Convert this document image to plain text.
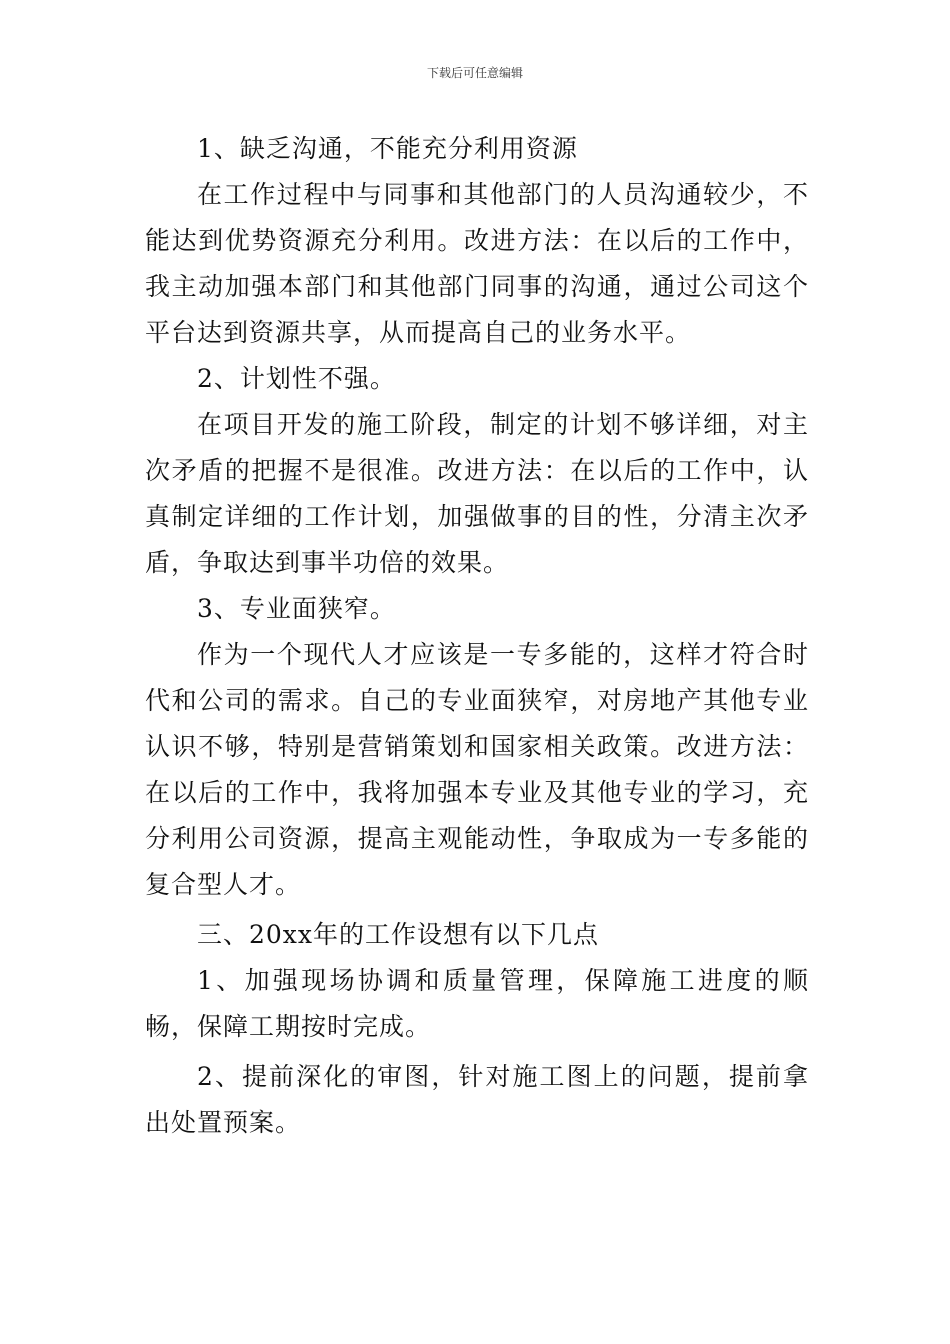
下载后可任意编辑

1、缺乏沟通，不能充分利用资源

在工作过程中与同事和其他部门的人员沟通较少，不能达到优势资源充分利用。改进方法：在以后的工作中，我主动加强本部门和其他部门同事的沟通，通过公司这个平台达到资源共享，从而提高自己的业务水平。

2、计划性不强。

在项目开发的施工阶段，制定的计划不够详细，对主次矛盾的把握不是很准。改进方法：在以后的工作中，认真制定详细的工作计划，加强做事的目的性，分清主次矛盾，争取达到事半功倍的效果。

3、专业面狭窄。

作为一个现代人才应该是一专多能的，这样才符合时代和公司的需求。自己的专业面狭窄，对房地产其他专业认识不够，特别是营销策划和国家相关政策。改进方法：在以后的工作中，我将加强本专业及其他专业的学习，充分利用公司资源，提高主观能动性，争取成为一专多能的复合型人才。

三、20xx年的工作设想有以下几点

1、加强现场协调和质量管理，保障施工进度的顺畅，保障工期按时完成。

2、提前深化的审图，针对施工图上的问题，提前拿出处置预案。
